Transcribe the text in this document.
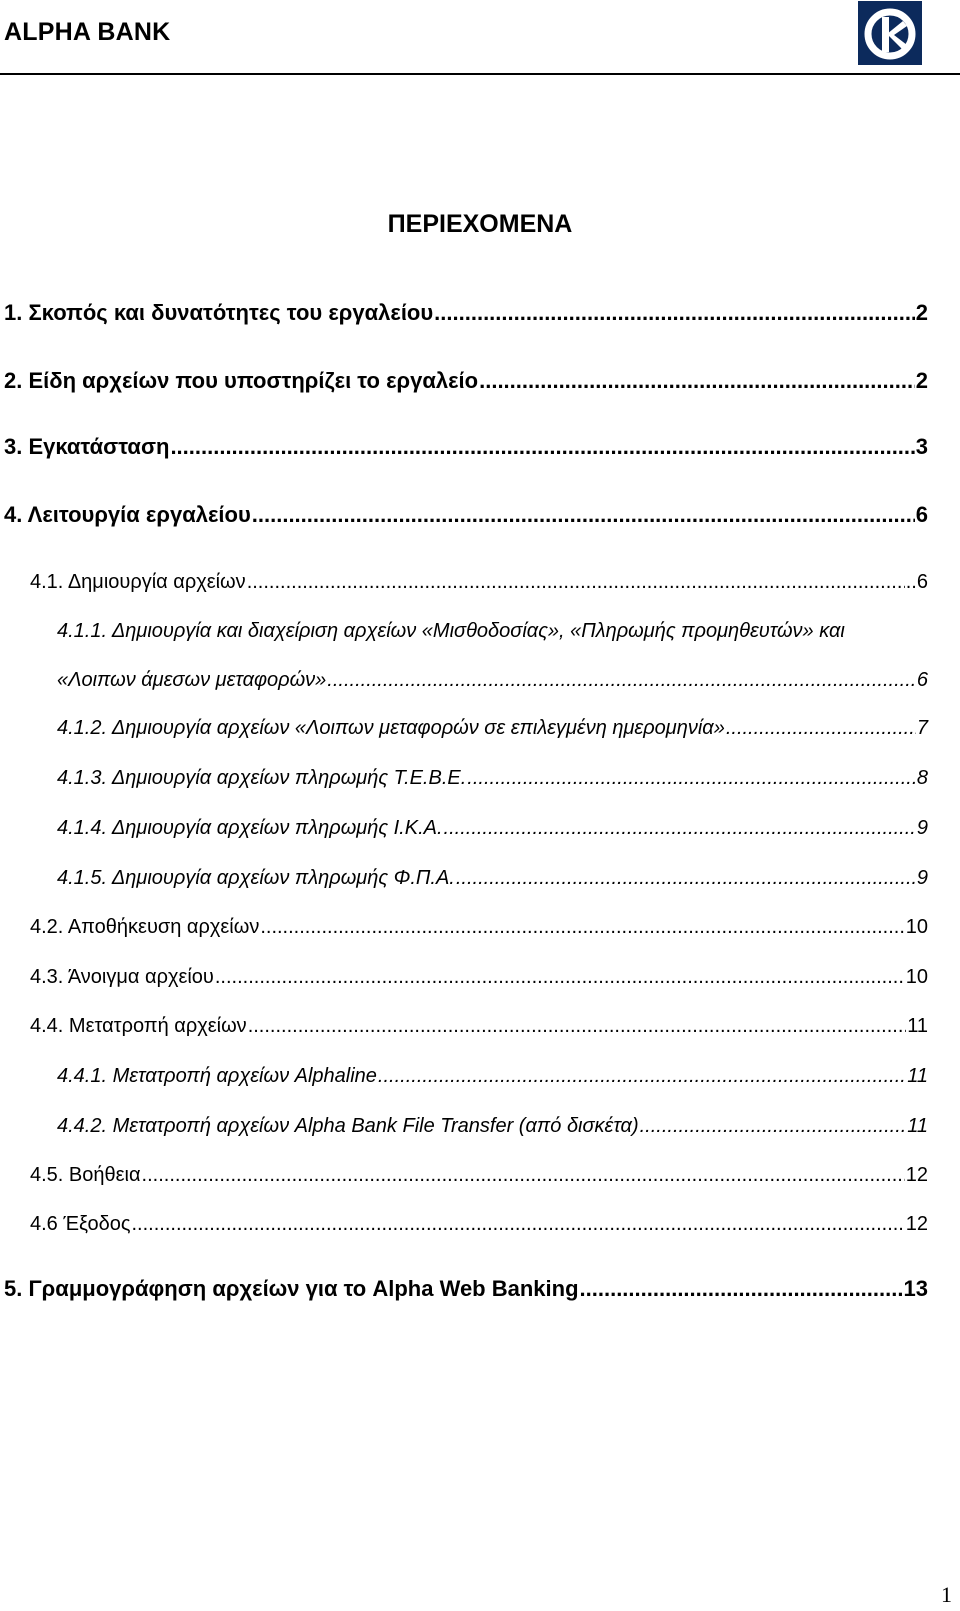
ALPHA BANK
ΠΕΡΙΕΧΟΜΕΝΑ
1. Σκοπός και δυνατότητες του εργαλείου .....	2
2. Είδη αρχείων που υποστηρίζει το εργαλείο .....	2
3. Εγκατάσταση .....	3
4. Λειτουργία εργαλείου .....	6
4.1. Δημιουργία αρχείων .....	..6
4.1.1. Δημιουργία και διαχείριση αρχείων «Μισθοδοσίας», «Πληρωμής προμηθευτών» και
«Λοιπων άμεσων μεταφορών» .....	6
4.1.2. Δημιουργία αρχείων «Λοιπων μεταφορών σε επιλεγμένη ημερομηνία» .....	7
4.1.3. Δημιουργία αρχείων πληρωμής Τ.Ε.Β.Ε. .....	8
4.1.4. Δημιουργία αρχείων πληρωμής Ι.Κ.Α. .....	9
4.1.5. Δημιουργία αρχείων πληρωμής Φ.Π.Α. .....	9
4.2. Αποθήκευση αρχείων .....	10
4.3. Άνοιγμα αρχείου .....	10
4.4. Μετατροπή αρχείων .....	11
4.4.1. Μετατροπή αρχείων Alphaline .....	11
4.4.2. Μετατροπή αρχείων Alpha Bank File Transfer (από δισκέτα) .....	11
4.5. Βοήθεια .....	12
4.6 Έξοδος .....	12
5. Γραμμογράφηση αρχείων για το Alpha Web Banking .....	13
1
